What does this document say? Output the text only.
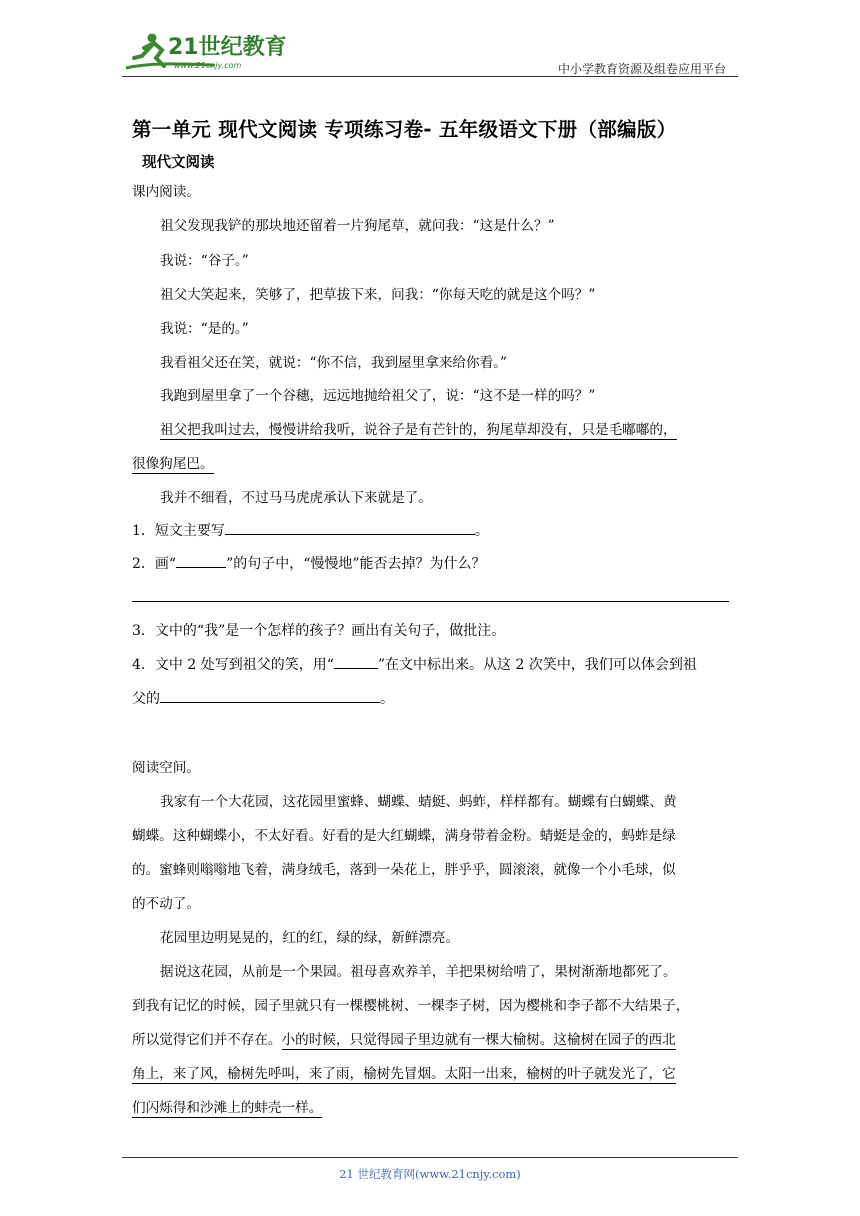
21世纪教育
www.21cnjy.com	中小学教育资源及组卷应用平台
第一单元 现代文阅读 专项练习卷- 五年级语文下册（部编版）
现代文阅读
课内阅读。
祖父发现我铲的那块地还留着一片狗尾草，就问我：“这是什么？”
我说：“谷子。”
祖父大笑起来，笑够了，把草拔下来，问我：“你每天吃的就是这个吗？”
我说：“是的。”
我看祖父还在笑，就说：“你不信，我到屋里拿来给你看。”
我跑到屋里拿了一个谷穗，远远地抛给祖父了，说：“这不是一样的吗？”
祖父把我叫过去，慢慢讲给我听，说谷子是有芒针的，狗尾草却没有，只是毛嘟嘟的，
很像狗尾巴。
我并不细看，不过马马虎虎承认下来就是了。
1．短文主要写	。
2．画“	”的句子中，“慢慢地”能否去掉？为什么？
3．文中的“我”是一个怎样的孩子？画出有关句子，做批注。
4．文中 2 处写到祖父的笑，用“	”在文中标出来。从这 2 次笑中，我们可以体会到祖
父的	。
阅读空间。
我家有一个大花园，这花园里蜜蜂、蝴蝶、蜻蜓、蚂蚱，样样都有。蝴蝶有白蝴蝶、黄
蝴蝶。这种蝴蝶小，不太好看。好看的是大红蝴蝶，满身带着金粉。蜻蜓是金的，蚂蚱是绿
的。蜜蜂则嗡嗡地飞着，满身绒毛，落到一朵花上，胖乎乎，圆滚滚，就像一个小毛球，似
的不动了。
花园里边明晃晃的，红的红，绿的绿，新鲜漂亮。
据说这花园，从前是一个果园。祖母喜欢养羊，羊把果树给啃了，果树渐渐地都死了。
到我有记忆的时候，园子里就只有一棵樱桃树、一棵李子树，因为樱桃和李子都不大结果子，
所以觉得它们并不存在。小的时候，只觉得园子里边就有一棵大榆树。这榆树在园子的西北
角上，来了风，榆树先呼叫，来了雨，榆树先冒烟。太阳一出来，榆树的叶子就发光了，它
们闪烁得和沙滩上的蚌壳一样。
21 世纪教育网(www.21cnjy.com)
